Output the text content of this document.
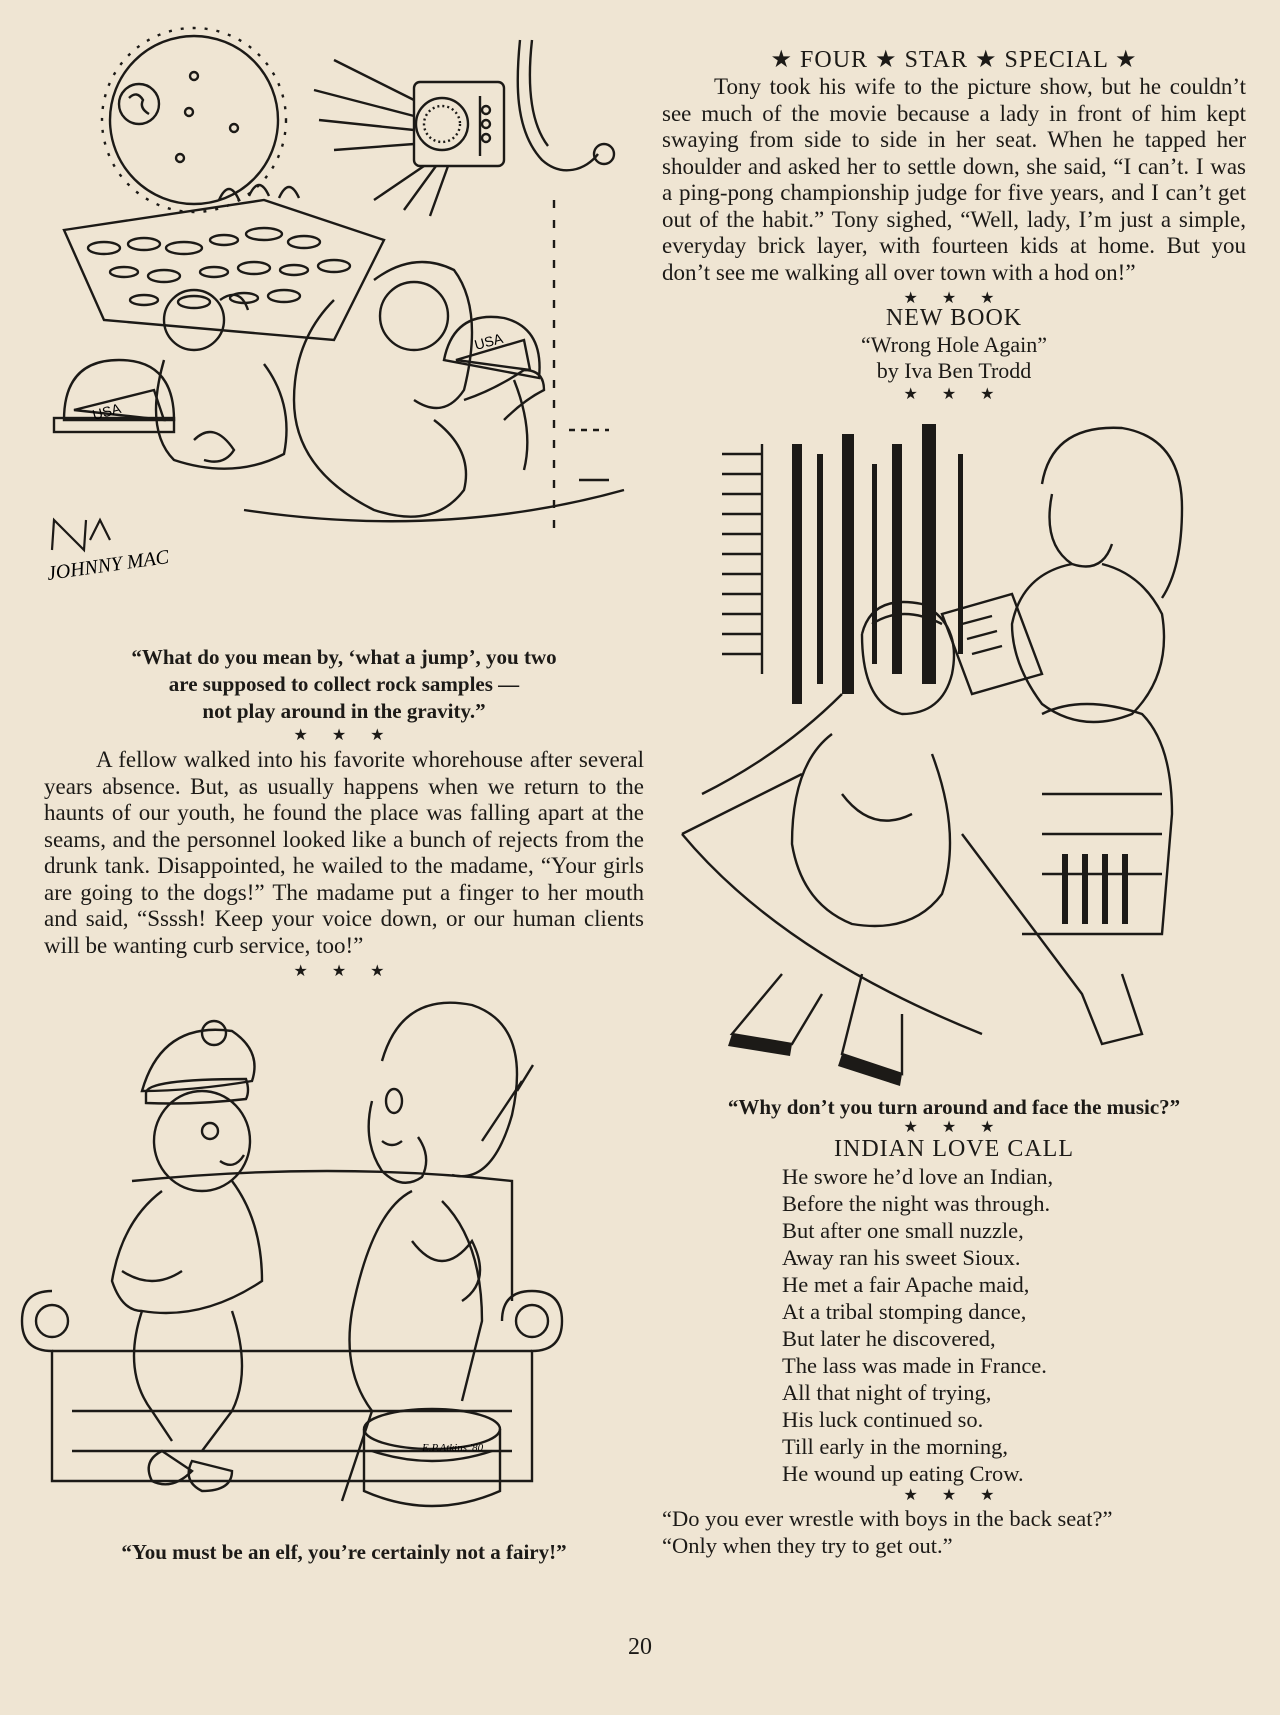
USA
USA
JOHNNY MAC

“What do you mean by, ‘what a jump’, you two

are supposed to collect rock samples —

not play around in the gravity.”

★ ★ ★

A fellow walked into his favorite whorehouse after several years absence. But, as usually happens when we return to the haunts of our youth, he found the place was falling apart at the seams, and the personnel looked like a bunch of rejects from the drunk tank. Disappointed, he wailed to the madame, “Your girls are going to the dogs!” The madame put a finger to her mouth and said, “Ssssh! Keep your voice down, or our human clients will be wanting curb service, too!”

★ ★ ★

E.P.Atkins '80

“You must be an elf, you’re certainly not a fairy!”

★ FOUR ★ STAR ★ SPECIAL ★

Tony took his wife to the picture show, but he couldn’t see much of the movie because a lady in front of him kept swaying from side to side in her seat. When he tapped her shoulder and asked her to settle down, she said, “I can’t. I was a ping-pong championship judge for five years, and I can’t get out of the habit.” Tony sighed, “Well, lady, I’m just a simple, everyday brick layer, with fourteen kids at home. But you don’t see me walking all over town with a hod on!”

★ ★ ★

NEW BOOK

“Wrong Hole Again”

by Iva Ben Trodd

★ ★ ★

“Why don’t you turn around and face the music?”

★ ★ ★

INDIAN LOVE CALL

He swore he’d love an Indian,
Before the night was through.
But after one small nuzzle,
Away ran his sweet Sioux.
He met a fair Apache maid,
At a tribal stomping dance,
But later he discovered,
The lass was made in France.
All that night of trying,
His luck continued so.
Till early in the morning,
He wound up eating Crow.

★ ★ ★

“Do you ever wrestle with boys in the back seat?”

“Only when they try to get out.”

20
